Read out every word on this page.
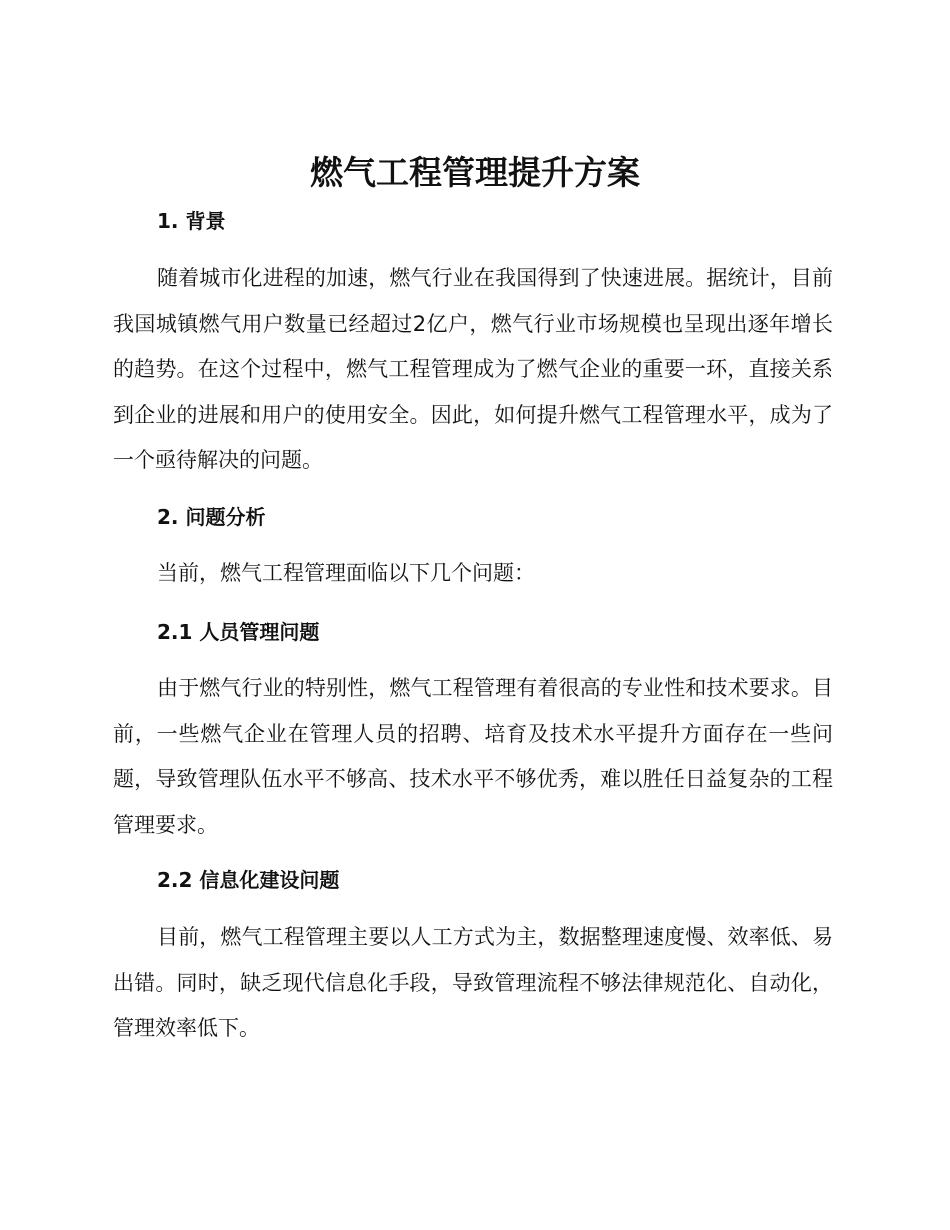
燃气工程管理提升方案
1. 背景

随着城市化进程的加速，燃气行业在我国得到了快速进展。据统计，目前我国城镇燃气用户数量已经超过2亿户，燃气行业市场规模也呈现出逐年增长的趋势。在这个过程中，燃气工程管理成为了燃气企业的重要一环，直接关系到企业的进展和用户的使用安全。因此，如何提升燃气工程管理水平，成为了一个亟待解决的问题。

2. 问题分析

当前，燃气工程管理面临以下几个问题：

2.1 人员管理问题

由于燃气行业的特别性，燃气工程管理有着很高的专业性和技术要求。目前，一些燃气企业在管理人员的招聘、培育及技术水平提升方面存在一些问题，导致管理队伍水平不够高、技术水平不够优秀，难以胜任日益复杂的工程管理要求。

2.2 信息化建设问题

目前，燃气工程管理主要以人工方式为主，数据整理速度慢、效率低、易出错。同时，缺乏现代信息化手段，导致管理流程不够法律规范化、自动化，管理效率低下。
